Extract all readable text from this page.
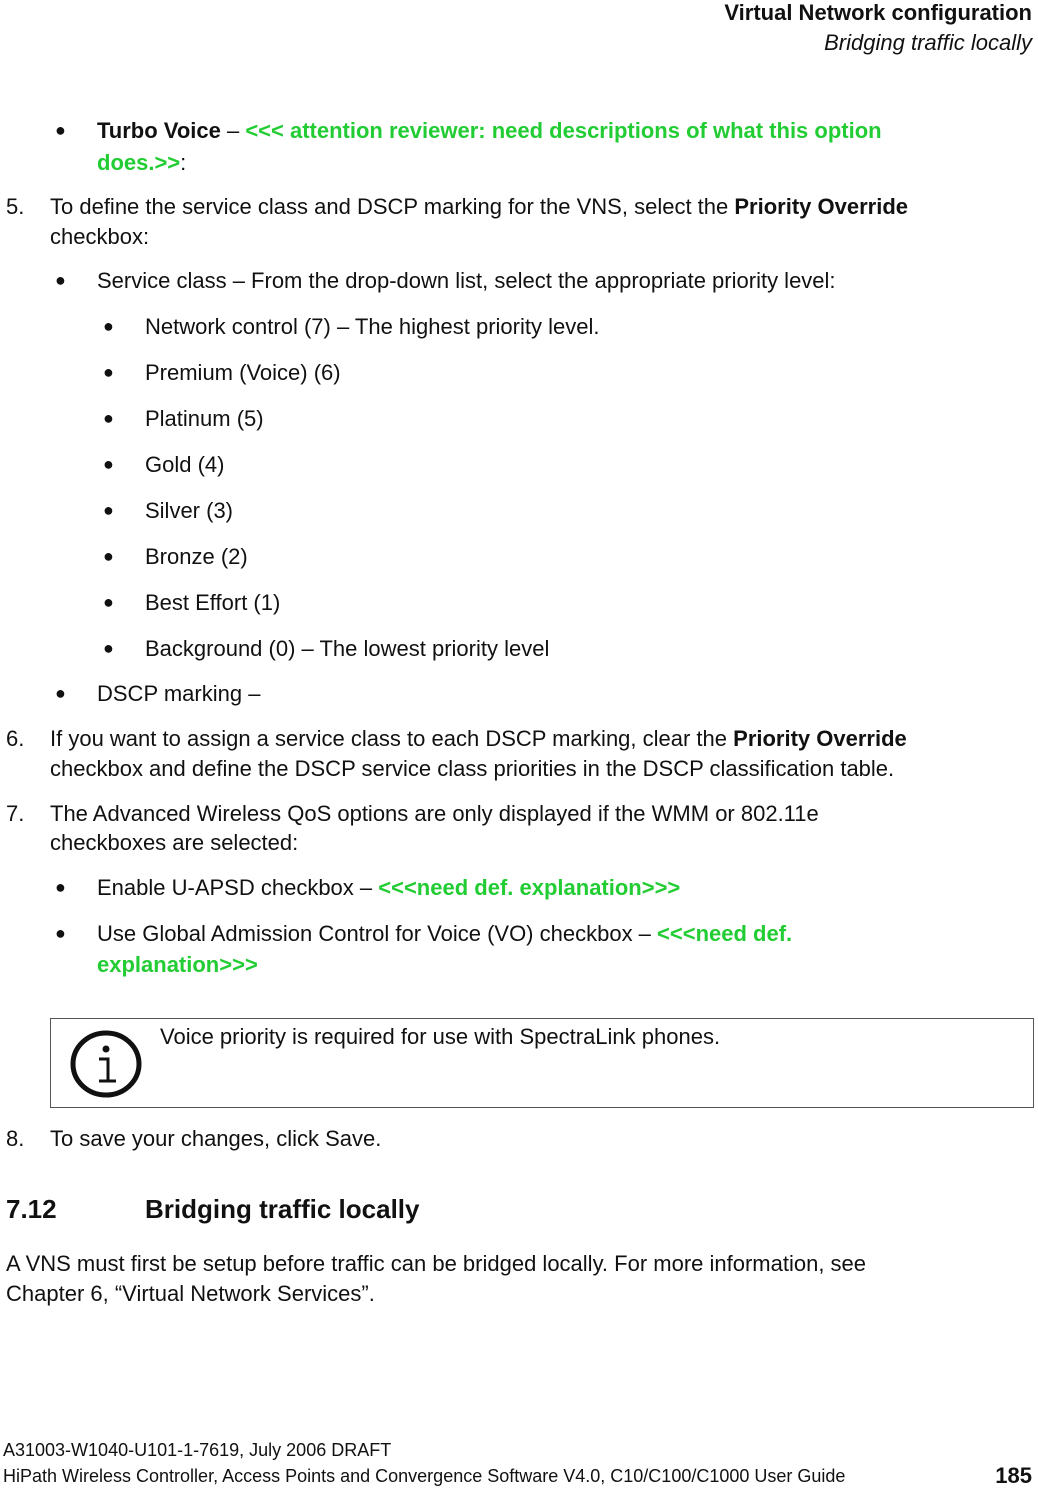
Virtual Network configuration
Bridging traffic locally
● Turbo Voice – <<< attention reviewer: need descriptions of what this option
does.>>:
5. To define the service class and DSCP marking for the VNS, select the Priority Override
checkbox:
● Service class – From the drop-down list, select the appropriate priority level:
● Network control (7) – The highest priority level.
● Premium (Voice) (6)
● Platinum (5)
● Gold (4)
● Silver (3)
● Bronze (2)
● Best Effort (1)
● Background (0) – The lowest priority level
● DSCP marking –
6. If you want to assign a service class to each DSCP marking, clear the Priority Override
checkbox and define the DSCP service class priorities in the DSCP classification table.
7. The Advanced Wireless QoS options are only displayed if the WMM or 802.11e
checkboxes are selected:
● Enable U-APSD checkbox – <<<need def. explanation>>>
● Use Global Admission Control for Voice (VO) checkbox – <<<need def.
explanation>>>
Voice priority is required for use with SpectraLink phones.
8. To save your changes, click Save.
7.12	Bridging traffic locally
A VNS must first be setup before traffic can be bridged locally. For more information, see
Chapter 6, “Virtual Network Services”.
A31003-W1040-U101-1-7619, July 2006 DRAFT
HiPath Wireless Controller, Access Points and Convergence Software V4.0, C10/C100/C1000 User Guide	185
